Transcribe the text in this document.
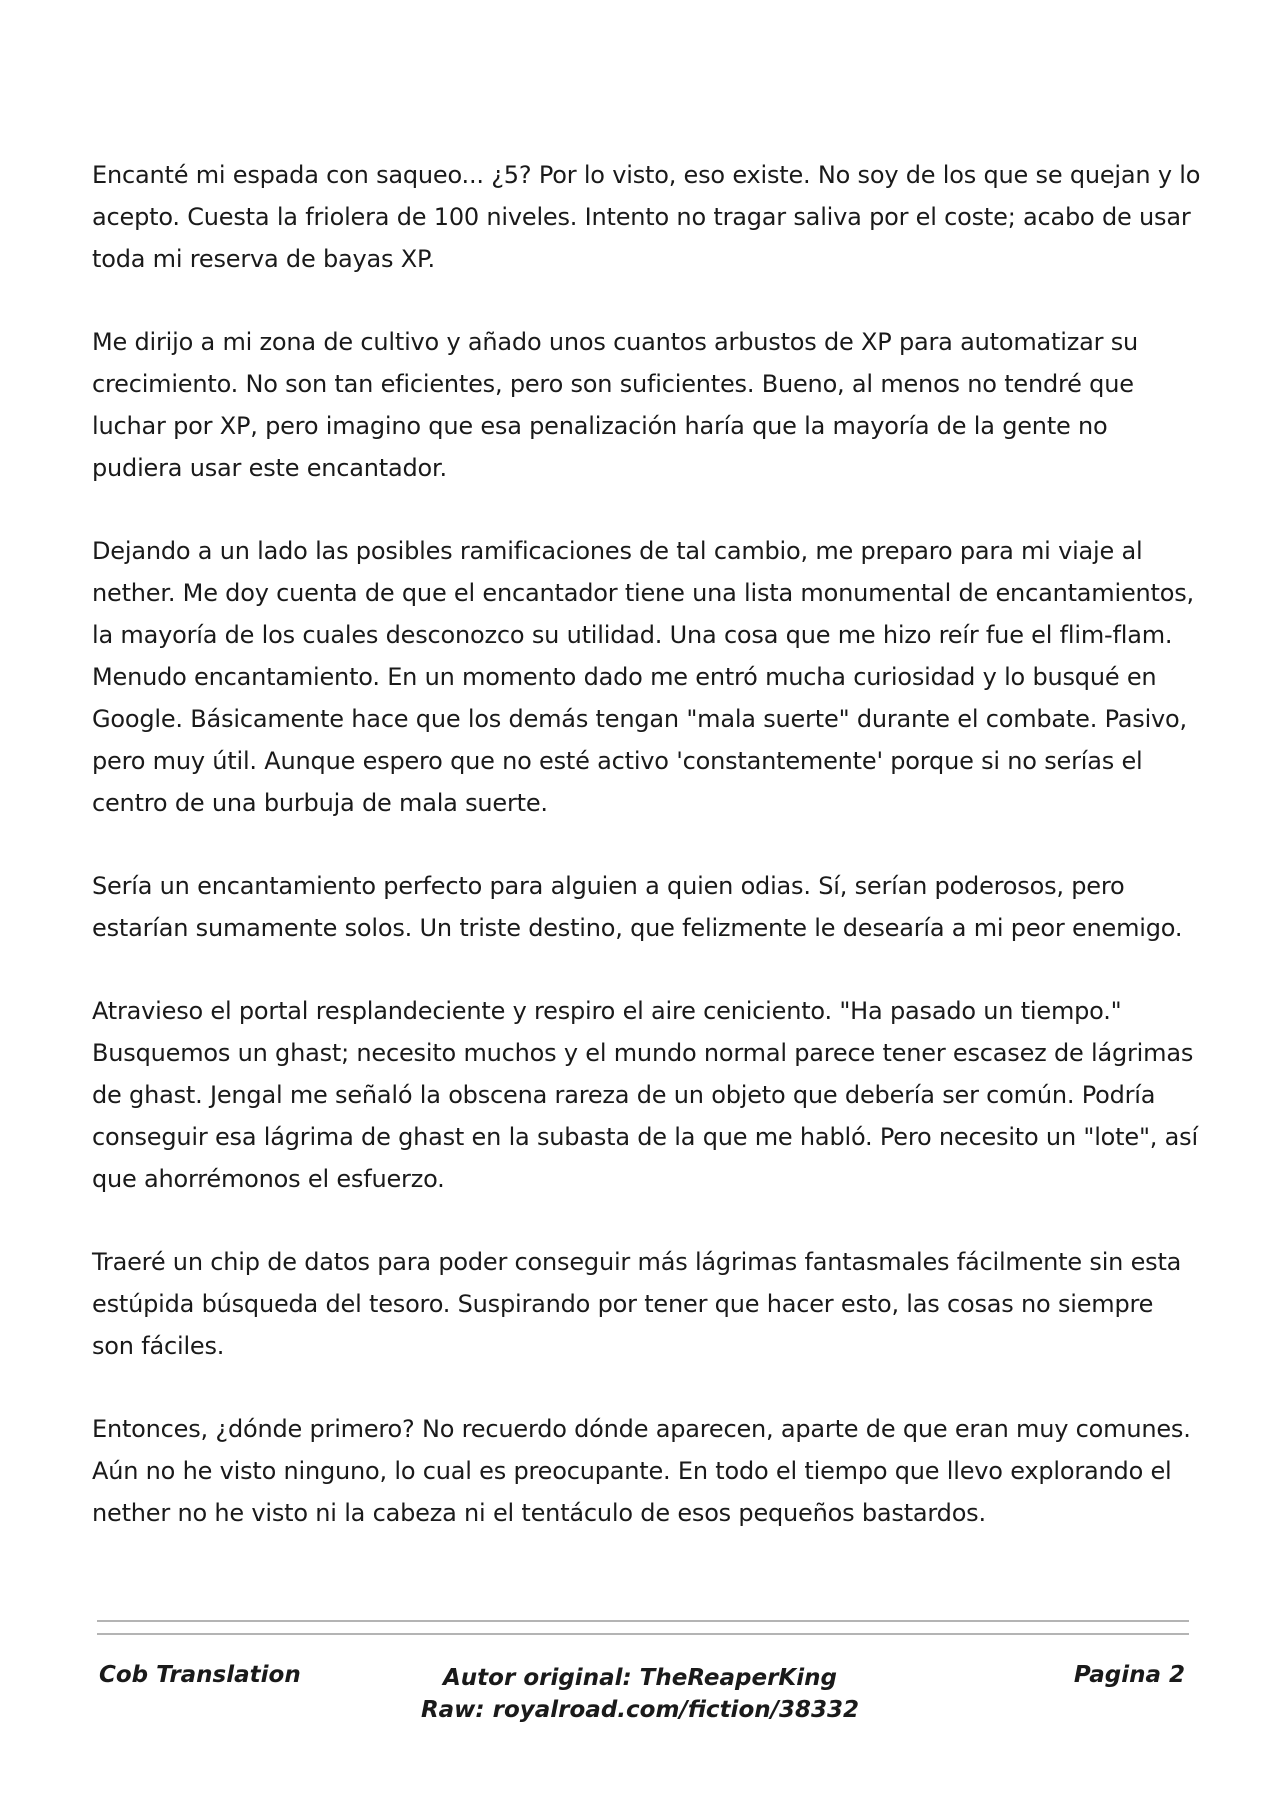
Encanté mi espada con saqueo... ¿5? Por lo visto, eso existe. No soy de los que se quejan y lo acepto. Cuesta la friolera de 100 niveles. Intento no tragar saliva por el coste; acabo de usar toda mi reserva de bayas XP.

Me dirijo a mi zona de cultivo y añado unos cuantos arbustos de XP para automatizar su crecimiento. No son tan eficientes, pero son suficientes. Bueno, al menos no tendré que luchar por XP, pero imagino que esa penalización haría que la mayoría de la gente no pudiera usar este encantador.

Dejando a un lado las posibles ramificaciones de tal cambio, me preparo para mi viaje al nether. Me doy cuenta de que el encantador tiene una lista monumental de encantamientos, la mayoría de los cuales desconozco su utilidad. Una cosa que me hizo reír fue el flim-flam. Menudo encantamiento. En un momento dado me entró mucha curiosidad y lo busqué en Google. Básicamente hace que los demás tengan "mala suerte" durante el combate. Pasivo, pero muy útil. Aunque espero que no esté activo 'constantemente' porque si no serías el centro de una burbuja de mala suerte.

Sería un encantamiento perfecto para alguien a quien odias. Sí, serían poderosos, pero estarían sumamente solos. Un triste destino, que felizmente le desearía a mi peor enemigo.

Atravieso el portal resplandeciente y respiro el aire ceniciento. "Ha pasado un tiempo." Busquemos un ghast; necesito muchos y el mundo normal parece tener escasez de lágrimas de ghast. Jengal me señaló la obscena rareza de un objeto que debería ser común. Podría conseguir esa lágrima de ghast en la subasta de la que me habló. Pero necesito un "lote", así que ahorrémonos el esfuerzo.

Traeré un chip de datos para poder conseguir más lágrimas fantasmales fácilmente sin esta estúpida búsqueda del tesoro. Suspirando por tener que hacer esto, las cosas no siempre son fáciles.

Entonces, ¿dónde primero? No recuerdo dónde aparecen, aparte de que eran muy comunes. Aún no he visto ninguno, lo cual es preocupante. En todo el tiempo que llevo explorando el nether no he visto ni la cabeza ni el tentáculo de esos pequeños bastardos.

Cob Translation	Autor original: TheReaperKing
Raw: royalroad.com/fiction/38332
Pagina 2
